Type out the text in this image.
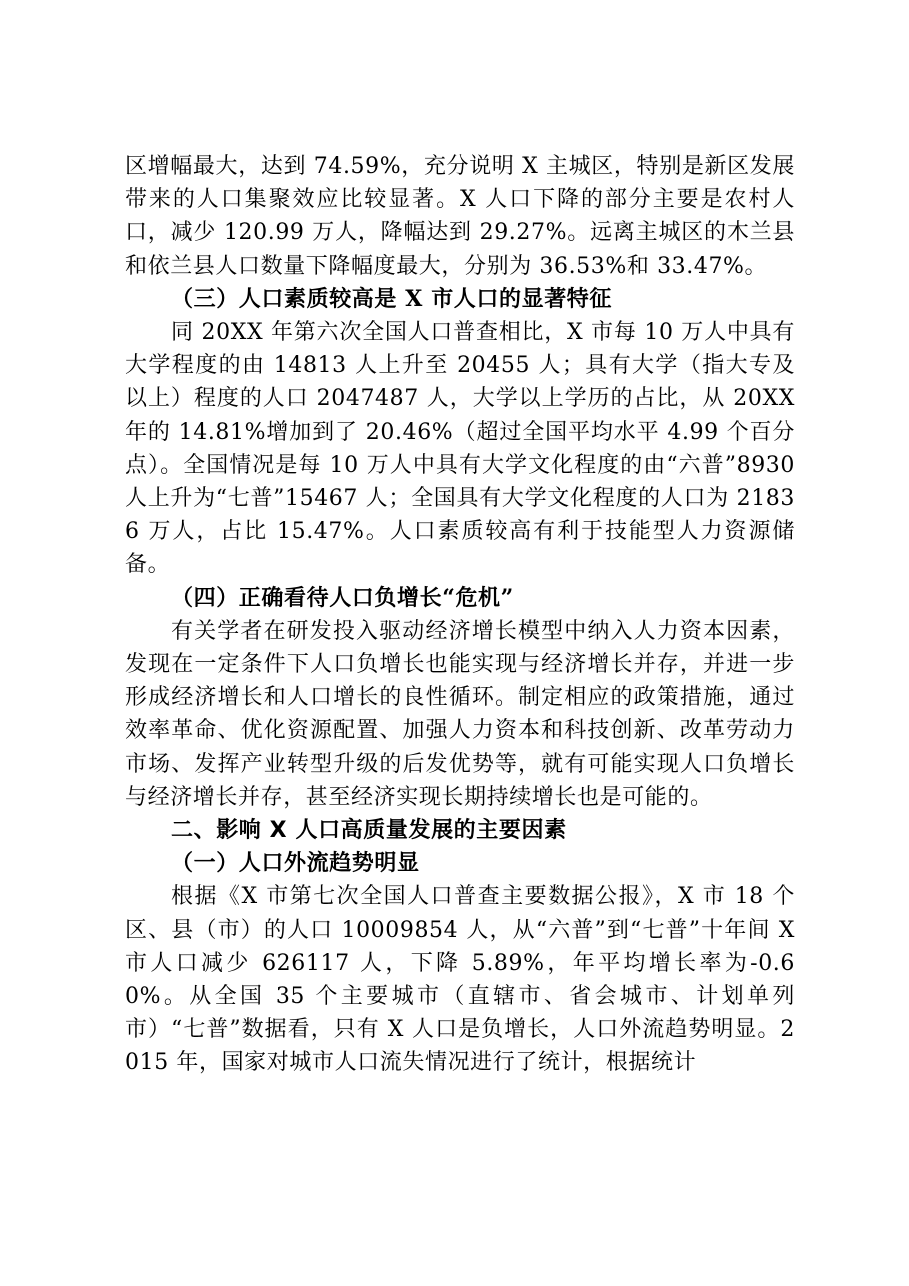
区增幅最大，达到 74.59%，充分说明 X 主城区，特别是新区发展带来的人口集聚效应比较显著。X 人口下降的部分主要是农村人口，减少 120.99 万人，降幅达到 29.27%。远离主城区的木兰县和依兰县人口数量下降幅度最大，分别为 36.53%和 33.47%。

（三）人口素质较高是 X 市人口的显著特征

同 20XX 年第六次全国人口普查相比，X 市每 10 万人中具有大学程度的由 14813 人上升至 20455 人；具有大学（指大专及以上）程度的人口 2047487 人，大学以上学历的占比，从 20XX 年的 14.81%增加到了 20.46%（超过全国平均水平 4.99 个百分点）。全国情况是每 10 万人中具有大学文化程度的由“六普”8930 人上升为“七普”15467 人；全国具有大学文化程度的人口为 21836 万人，占比 15.47%。人口素质较高有利于技能型人力资源储备。

（四）正确看待人口负增长“危机”

有关学者在研发投入驱动经济增长模型中纳入人力资本因素，发现在一定条件下人口负增长也能实现与经济增长并存，并进一步形成经济增长和人口增长的良性循环。制定相应的政策措施，通过效率革命、优化资源配置、加强人力资本和科技创新、改革劳动力市场、发挥产业转型升级的后发优势等，就有可能实现人口负增长与经济增长并存，甚至经济实现长期持续增长也是可能的。

二、影响 X 人口高质量发展的主要因素

（一）人口外流趋势明显

根据《X 市第七次全国人口普查主要数据公报》，X 市 18 个区、县（市）的人口 10009854 人，从“六普”到“七普”十年间 X 市人口减少 626117 人，下降 5.89%，年平均增长率为-0.60%。从全国 35 个主要城市（直辖市、省会城市、计划单列市）“七普”数据看，只有 X 人口是负增长，人口外流趋势明显。2015 年，国家对城市人口流失情况进行了统计，根据统计
